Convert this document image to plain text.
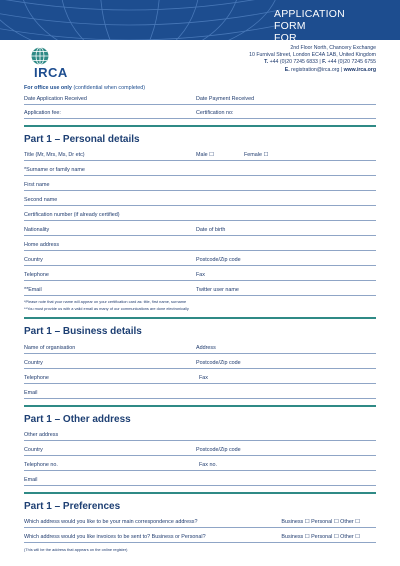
APPLICATION FORM
FOR
IRCA
2nd Floor North, Chancery Exchange
10 Furnival Street, London EC4A 1AB, United Kingdom
T. +44 (0)20 7245 6833 | F. +44 (0)20 7245 6755
E. registration@irca.org | www.irca.org
For office use only (confidential when completed)
Date Application Received	Date Payment Received
Application fee:	Certification no:
Part 1 – Personal details
Title (Mr, Mrs, Ms, Dr etc)	Male ☐	Female ☐
*Surname or family name
First name
Second name
Certification number (if already certified)
Nationality	Date of birth
Home address
Country	Postcode/Zip code
Telephone	Fax
**Email	Twitter user name
*Please note that your name will appear on your certification card as: title, first name, surname
**You must provide us with a valid email as many of our communications are done electronically
Part 1 – Business details
Name of organisation	Address
Country	Postcode/Zip code
Telephone	Fax
Email
Part 1 – Other address
Other address
Country	Postcode/Zip code
Telephone no.	Fax no.
Email
Part 1 – Preferences
Which address would you like to be your main correspondence address?	Business ☐ Personal ☐ Other ☐
Which address would you like invoices to be sent to? Business or Personal?	Business ☐ Personal ☐ Other ☐
(This will be the address that appears on the online register)
